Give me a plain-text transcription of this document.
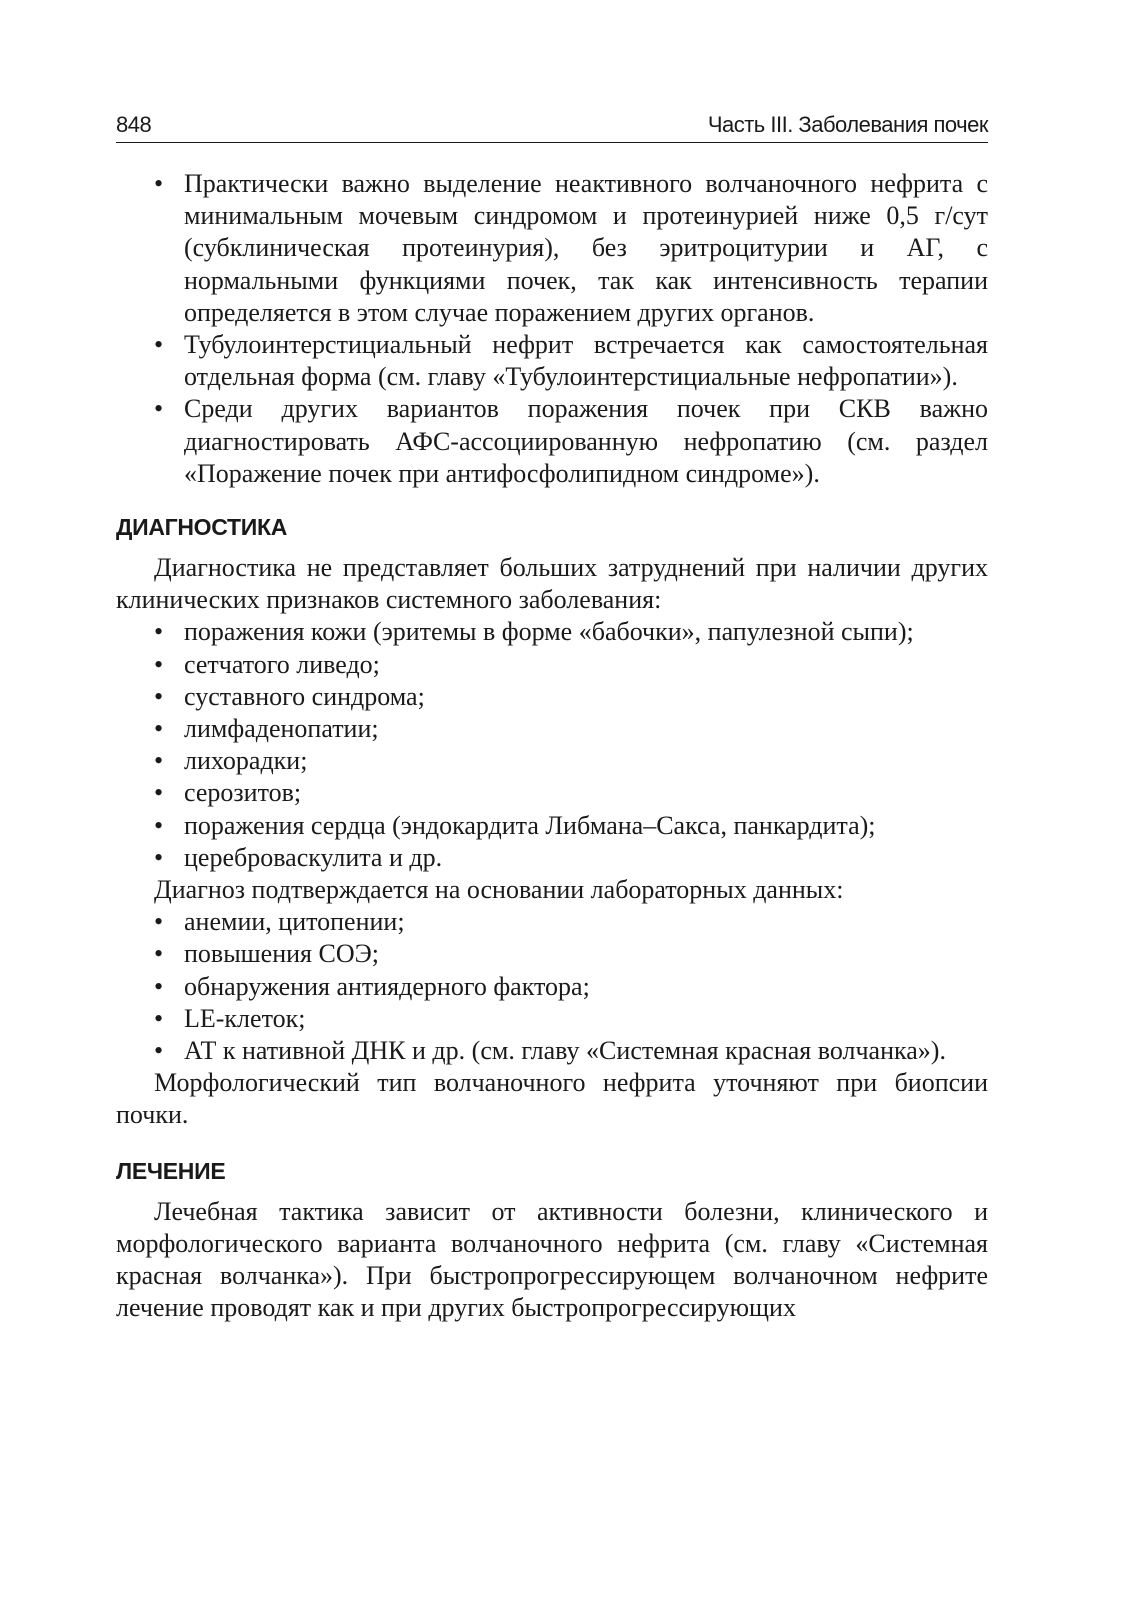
848	Часть III. Заболевания почек
• Практически важно выделение неактивного волчаночного нефрита с минимальным мочевым синдромом и протеинурией ниже 0,5 г/сут (субклиническая протеинурия), без эритроцитурии и АГ, с нормальными функциями почек, так как интенсивность терапии определяется в этом случае поражением других органов.
• Тубулоинтерстициальный нефрит встречается как самостоятельная отдельная форма (см. главу «Тубулоинтерстициальные нефропатии»).
• Среди других вариантов поражения почек при СКВ важно диагностировать АФС-ассоциированную нефропатию (см. раздел «Поражение почек при антифосфолипидном синдроме»).
ДИАГНОСТИКА

Диагностика не представляет больших затруднений при наличии других клинических признаков системного заболевания:

• поражения кожи (эритемы в форме «бабочки», папулезной сыпи);
• сетчатого ливедо;
• суставного синдрома;
• лимфаденопатии;
• лихорадки;
• серозитов;
• поражения сердца (эндокардита Либмана–Сакса, панкардита);
• цереброваскулита и др.

Диагноз подтверждается на основании лабораторных данных:

• анемии, цитопении;
• повышения СОЭ;
• обнаружения антиядерного фактора;
• LE-клеток;
• АТ к нативной ДНК и др. (см. главу «Системная красная волчанка»).

Морфологический тип волчаночного нефрита уточняют при биопсии почки.

ЛЕЧЕНИЕ

Лечебная тактика зависит от активности болезни, клинического и морфологического варианта волчаночного нефрита (см. главу «Системная красная волчанка»). При быстропрогрессирующем волчаночном нефрите лечение проводят как и при других быстропрогрессирующих
